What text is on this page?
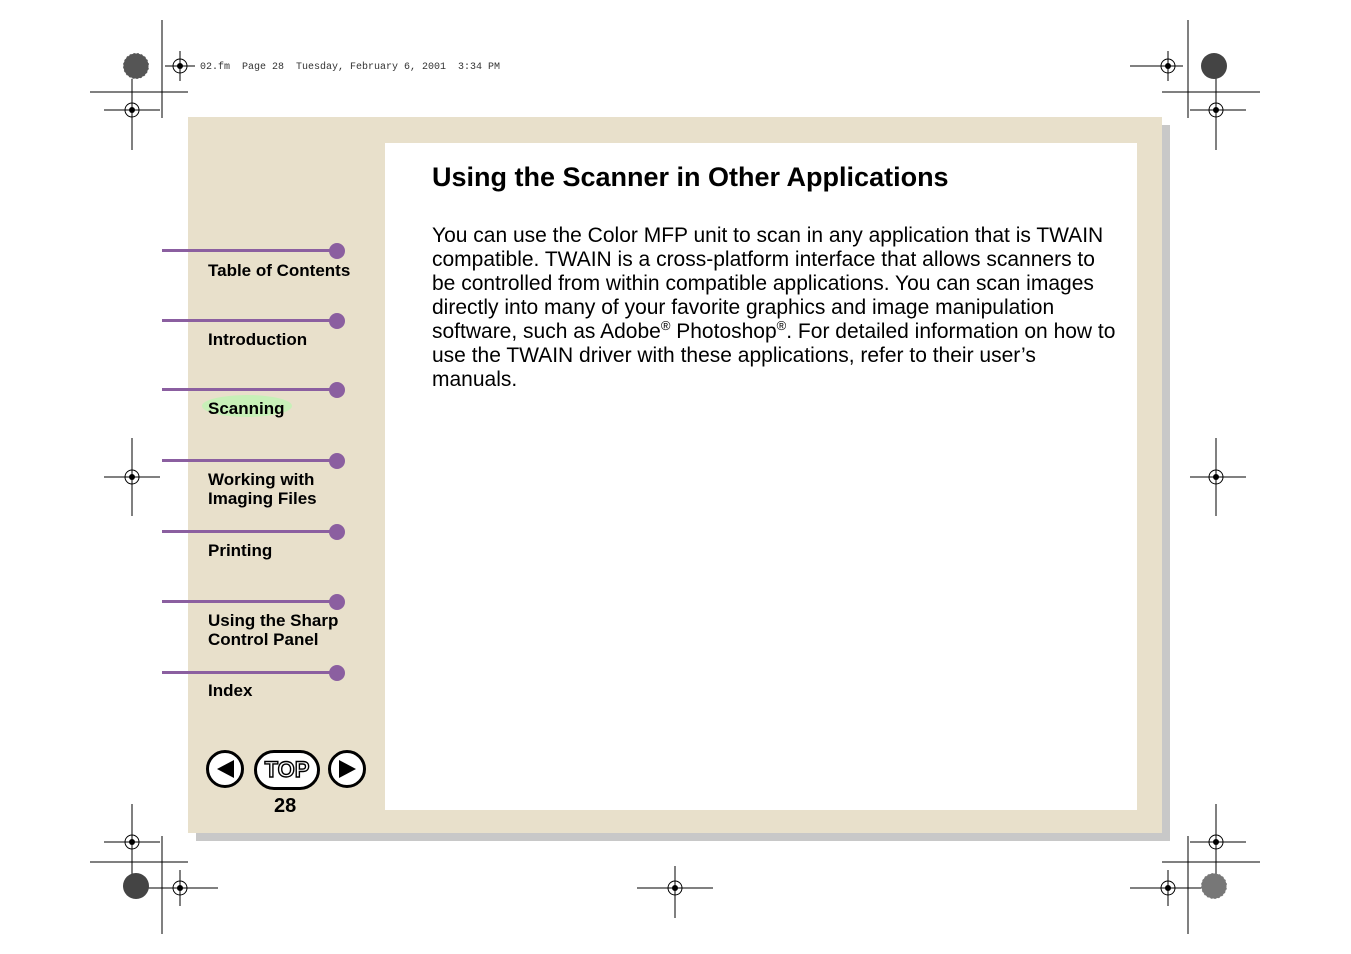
02.fm  Page 28  Tuesday, February 6, 2001  3:34 PM
Using the Scanner in Other Applications

You can use the Color MFP unit to scan in any application that is TWAIN compatible. TWAIN is a cross-platform interface that allows scanners to be controlled from within compatible applications. You can scan images directly into many of your favorite graphics and image manipulation software, such as Adobe® Photoshop®. For detailed information on how to use the TWAIN driver with these applications, refer to their user’s manuals.

Table of Contents
Introduction
Scanning
Working with
Imaging Files
Printing
Using the Sharp
Control Panel
Index
TOP
28
